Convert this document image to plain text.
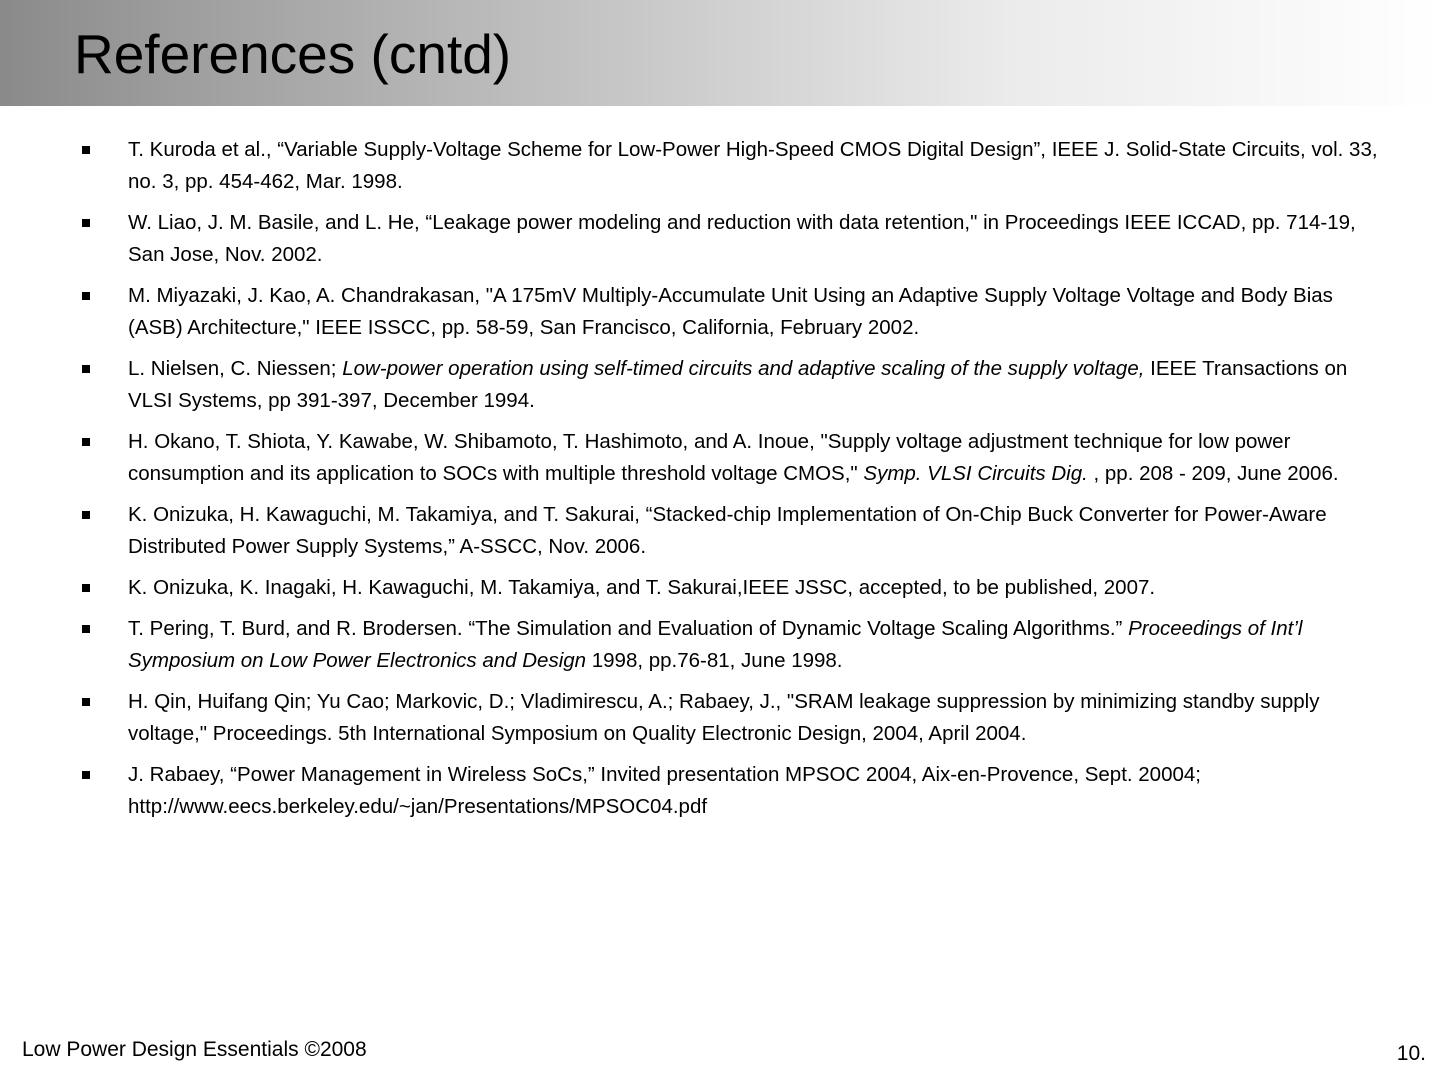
References (cntd)
T. Kuroda et al., “Variable Supply-Voltage Scheme for Low-Power High-Speed CMOS Digital Design”, IEEE J. Solid-State Circuits, vol. 33, no. 3, pp. 454-462, Mar. 1998.
W. Liao, J. M. Basile, and L. He, “Leakage power modeling and reduction with data retention," in Proceedings IEEE ICCAD, pp. 714-19, San Jose, Nov. 2002.
M. Miyazaki, J. Kao, A. Chandrakasan, "A 175mV Multiply-Accumulate Unit Using an Adaptive Supply Voltage Voltage and Body Bias (ASB) Architecture," IEEE ISSCC, pp. 58-59, San Francisco, California, February 2002.
L. Nielsen, C. Niessen; Low-power operation using self-timed circuits and adaptive scaling of the supply voltage, IEEE Transactions on VLSI Systems, pp 391-397, December 1994.
H. Okano, T. Shiota, Y. Kawabe, W. Shibamoto, T. Hashimoto, and A. Inoue, "Supply voltage adjustment technique for low power consumption and its application to SOCs with multiple threshold voltage CMOS," Symp. VLSI Circuits Dig. , pp. 208 - 209, June 2006.
K. Onizuka, H. Kawaguchi, M. Takamiya, and T. Sakurai, “Stacked-chip Implementation of On-Chip Buck Converter for Power-Aware Distributed Power Supply Systems,” A-SSCC, Nov. 2006.
K. Onizuka, K. Inagaki, H. Kawaguchi, M. Takamiya, and T. Sakurai,IEEE JSSC, accepted, to be published, 2007.
T. Pering, T. Burd, and R. Brodersen. “The Simulation and Evaluation of Dynamic Voltage Scaling Algorithms.” Proceedings of Int’l Symposium on Low Power Electronics and Design 1998, pp.76-81, June 1998.
H. Qin, Huifang Qin; Yu Cao; Markovic, D.; Vladimirescu, A.; Rabaey, J., "SRAM leakage suppression by minimizing standby supply voltage," Proceedings. 5th International Symposium on Quality Electronic Design, 2004, April 2004.
J. Rabaey, “Power Management in Wireless SoCs,” Invited presentation MPSOC 2004, Aix-en-Provence, Sept. 20004; http://www.eecs.berkeley.edu/~jan/Presentations/MPSOC04.pdf
Low Power Design Essentials ©2008	10.
